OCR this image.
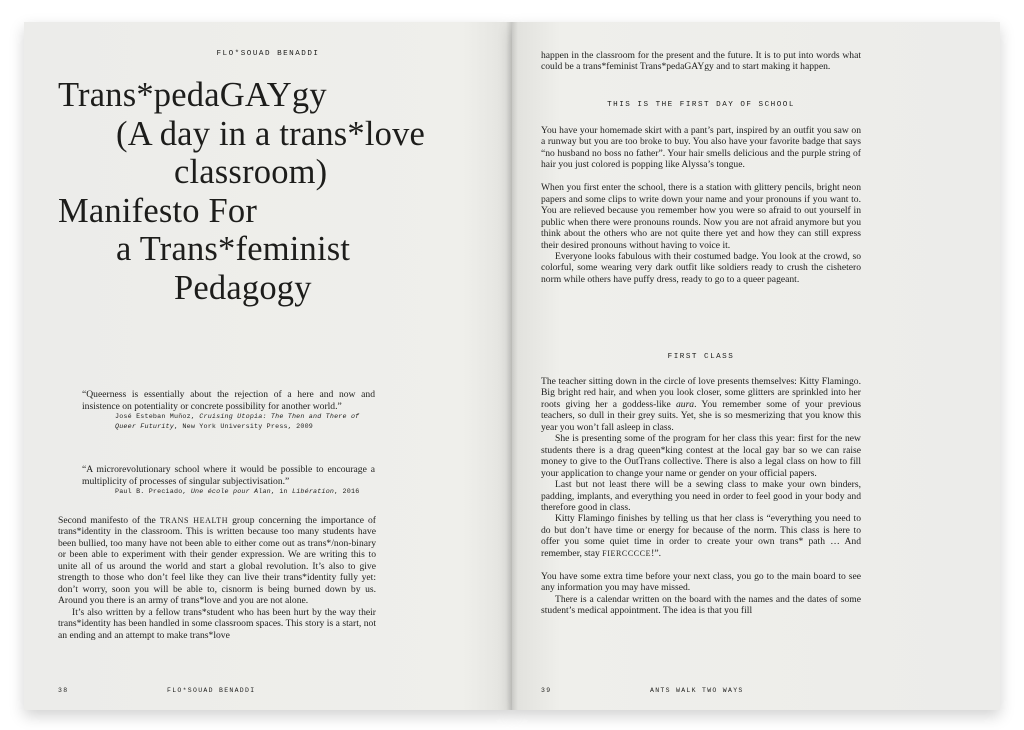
FLO*SOUAD BENADDI
Trans*pedaGAYgy
(A day in a trans*love
classroom)
Manifesto For
a Trans*feminist
Pedagogy

“Queerness is essentially about the rejection of a here and now and insistence on potentiality or concrete possibility for another world.”

José Esteban Muñoz, Cruising Utopia: The Then and There of Queer Futurity, New York University Press, 2009

“A microrevolutionary school where it would be possible to encourage a multiplicity of processes of singular subjectivisation.”

Paul B. Preciado, Une école pour Alan, in Libération, 2016

Second manifesto of the TRANS HEALTH group concerning the importance of trans*identity in the classroom. This is written because too many students have been bullied, too many have not been able to either come out as trans*/non-binary or been able to experiment with their gender expression. We are writing this to unite all of us around the world and start a global revolution. It’s also to give strength to those who don’t feel like they can live their trans*identity fully yet: don’t worry, soon you will be able to, cisnorm is being burned down by us. Around you there is an army of trans*love and you are not alone.

It’s also written by a fellow trans*student who has been hurt by the way their trans*identity has been handled in some classroom spaces. This story is a start, not an ending and an attempt to make trans*love

38	FLO*SOUAD BENADDI

happen in the classroom for the present and the future. It is to put into words what could be a trans*feminist Trans*pedaGAYgy and to start making it happen.

THIS IS THE FIRST DAY OF SCHOOL

You have your homemade skirt with a pant’s part, inspired by an outfit you saw on a runway but you are too broke to buy. You also have your favorite badge that says “no husband no boss no father”. Your hair smells delicious and the purple string of hair you just colored is popping like Alyssa’s tongue.

When you first enter the school, there is a station with glittery pencils, bright neon papers and some clips to write down your name and your pronouns if you want to. You are relieved because you remember how you were so afraid to out yourself in public when there were pronouns rounds. Now you are not afraid anymore but you think about the others who are not quite there yet and how they can still express their desired pronouns without having to voice it.

Everyone looks fabulous with their costumed badge. You look at the crowd, so colorful, some wearing very dark outfit like soldiers ready to crush the cishetero norm while others have puffy dress, ready to go to a queer pageant.

FIRST CLASS

The teacher sitting down in the circle of love presents themselves: Kitty Flamingo. Big bright red hair, and when you look closer, some glitters are sprinkled into her roots giving her a goddess-like aura. You remember some of your previous teachers, so dull in their grey suits. Yet, she is so mesmerizing that you know this year you won’t fall asleep in class.

She is presenting some of the program for her class this year: first for the new students there is a drag queen*king contest at the local gay bar so we can raise money to give to the OutTrans collective. There is also a legal class on how to fill your application to change your name or gender on your official papers.

Last but not least there will be a sewing class to make your own binders, padding, implants, and everything you need in order to feel good in your body and therefore good in class.

Kitty Flamingo finishes by telling us that her class is “everything you need to do but don’t have time or energy for because of the norm. This class is here to offer you some quiet time in order to create your own trans* path … And remember, stay FIERCCCCE!”.

You have some extra time before your next class, you go to the main board to see any information you may have missed.

There is a calendar written on the board with the names and the dates of some student’s medical appointment. The idea is that you fill

39	ANTS WALK TWO WAYS
